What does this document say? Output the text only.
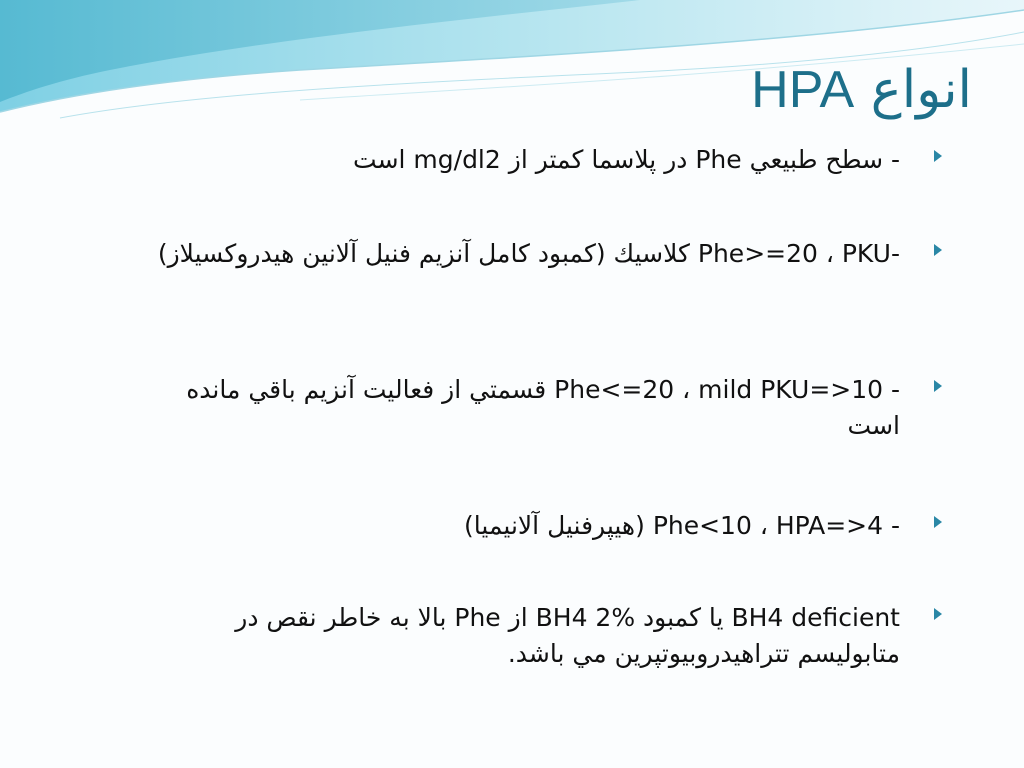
انواع HPA
- سطح طبيعي Phe در پلاسما كمتر از mg/dl2 است
-Phe>=20 ، PKU كلاسيك (كمبود كامل آنزيم فنيل آلانين هيدروكسيلاز)
- 10<=Phe<=20 ، mild PKU قسمتي از فعاليت آنزيم باقي مانده است
- 4<=Phe<10 ، HPA (هيپرفنيل آلانيميا)
BH4 deficient يا كمبود BH4 2% از Phe بالا به خاطر نقص در متابوليسم تتراهيدروبيوتپرين مي باشد.
